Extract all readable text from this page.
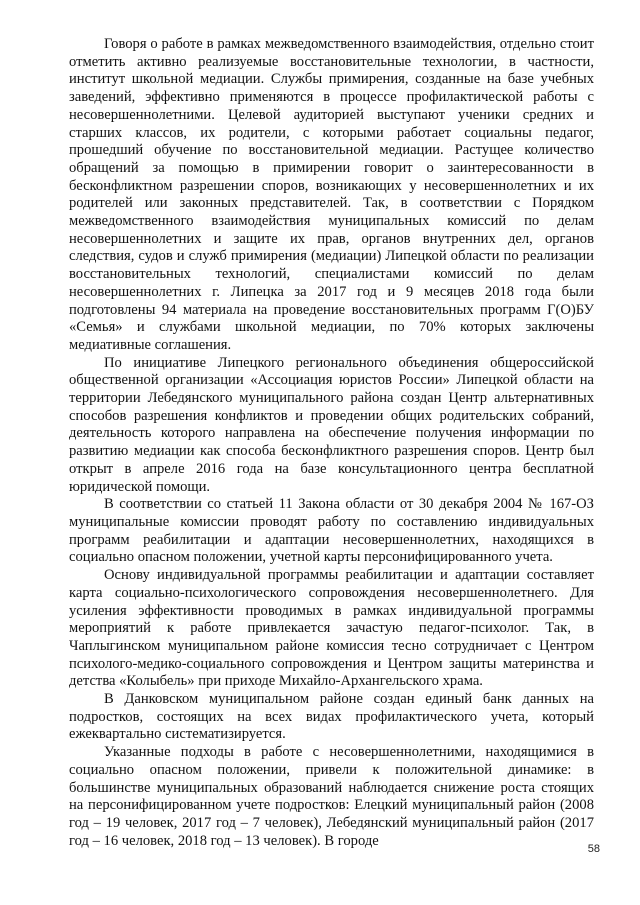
Говоря о работе в рамках межведомственного взаимодействия, отдельно стоит отметить активно реализуемые восстановительные технологии, в частности, институт школьной медиации. Службы примирения, созданные на базе учебных заведений, эффективно применяются в процессе профилактической работы с несовершеннолетними. Целевой аудиторией выступают ученики средних и старших классов, их родители, с которыми работает социальны педагог, прошедший обучение по восстановительной медиации. Растущее количество обращений за помощью в примирении говорит о заинтересованности в бесконфликтном разрешении споров, возникающих у несовершеннолетних и их родителей или законных представителей. Так, в соответствии с Порядком межведомственного взаимодействия муниципальных комиссий по делам несовершеннолетних и защите их прав, органов внутренних дел, органов следствия, судов и служб примирения (медиации) Липецкой области по реализации восстановительных технологий, специалистами комиссий по делам несовершеннолетних г. Липецка за 2017 год и 9 месяцев 2018 года были подготовлены 94 материала на проведение восстановительных программ Г(О)БУ «Семья» и службами школьной медиации, по 70% которых заключены медиативные соглашения.

По инициативе Липецкого регионального объединения общероссийской общественной организации «Ассоциация юристов России» Липецкой области на территории Лебедянского муниципального района создан Центр альтернативных способов разрешения конфликтов и проведении общих родительских собраний, деятельность которого направлена на обеспечение получения информации по развитию медиации как способа бесконфликтного разрешения споров. Центр был открыт в апреле 2016 года на базе консультационного центра бесплатной юридической помощи.

В соответствии со статьей 11 Закона области от 30 декабря 2004 № 167-ОЗ муниципальные комиссии проводят работу по составлению индивидуальных программ реабилитации и адаптации несовершеннолетних, находящихся в социально опасном положении, учетной карты персонифицированного учета.

Основу индивидуальной программы реабилитации и адаптации составляет карта социально-психологического сопровождения несовершеннолетнего. Для усиления эффективности проводимых в рамках индивидуальной программы мероприятий к работе привлекается зачастую педагог-психолог. Так, в Чаплыгинском муниципальном районе комиссия тесно сотрудничает с Центром психолого-медико-социального сопровождения и Центром защиты материнства и детства «Колыбель» при приходе Михайло-Архангельского храма.

В Данковском муниципальном районе создан единый банк данных на подростков, состоящих на всех видах профилактического учета, который ежеквартально систематизируется.

Указанные подходы в работе с несовершеннолетними, находящимися в социально опасном положении, привели к положительной динамике: в большинстве муниципальных образований наблюдается снижение роста стоящих на персонифицированном учете подростков: Елецкий муниципальный район (2008 год – 19 человек, 2017 год – 7 человек), Лебедянский муниципальный район (2017 год – 16 человек, 2018 год – 13 человек). В городе

58
